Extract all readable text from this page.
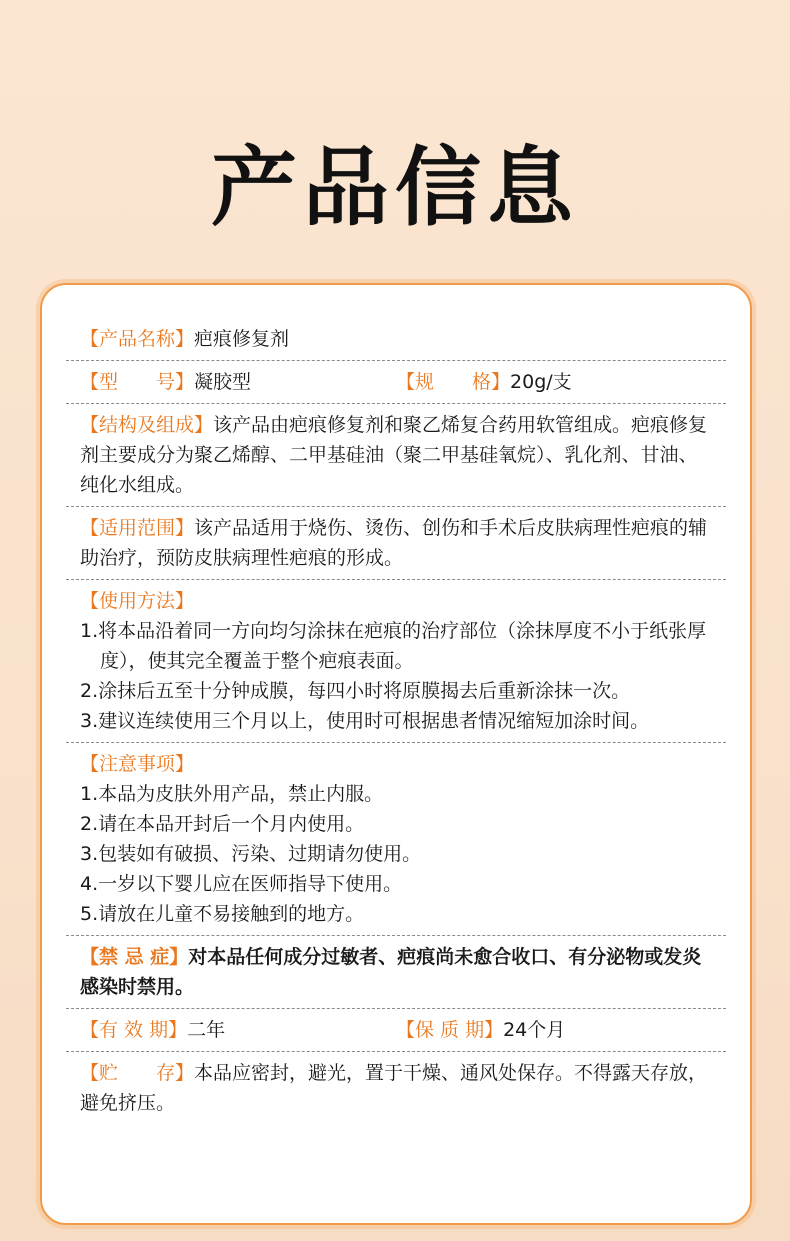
产品信息
【产品名称】疤痕修复剂
【型　　号】凝胶型	【规　　格】20g/支
【结构及组成】该产品由疤痕修复剂和聚乙烯复合药用软管组成。疤痕修复剂主要成分为聚乙烯醇、二甲基硅油（聚二甲基硅氧烷）、乳化剂、甘油、纯化水组成。
【适用范围】该产品适用于烧伤、烫伤、创伤和手术后皮肤病理性疤痕的辅助治疗，预防皮肤病理性疤痕的形成。
【使用方法】
1.将本品沿着同一方向均匀涂抹在疤痕的治疗部位（涂抹厚度不小于纸张厚度），使其完全覆盖于整个疤痕表面。
2.涂抹后五至十分钟成膜，每四小时将原膜揭去后重新涂抹一次。
3.建议连续使用三个月以上，使用时可根据患者情况缩短加涂时间。
【注意事项】
1.本品为皮肤外用产品，禁止内服。
2.请在本品开封后一个月内使用。
3.包装如有破损、污染、过期请勿使用。
4.一岁以下婴儿应在医师指导下使用。
5.请放在儿童不易接触到的地方。
【禁 忌 症】对本品任何成分过敏者、疤痕尚未愈合收口、有分泌物或发炎感染时禁用。
【有 效 期】二年	【保 质 期】24个月
【贮　　存】本品应密封，避光，置于干燥、通风处保存。不得露天存放，避免挤压。
